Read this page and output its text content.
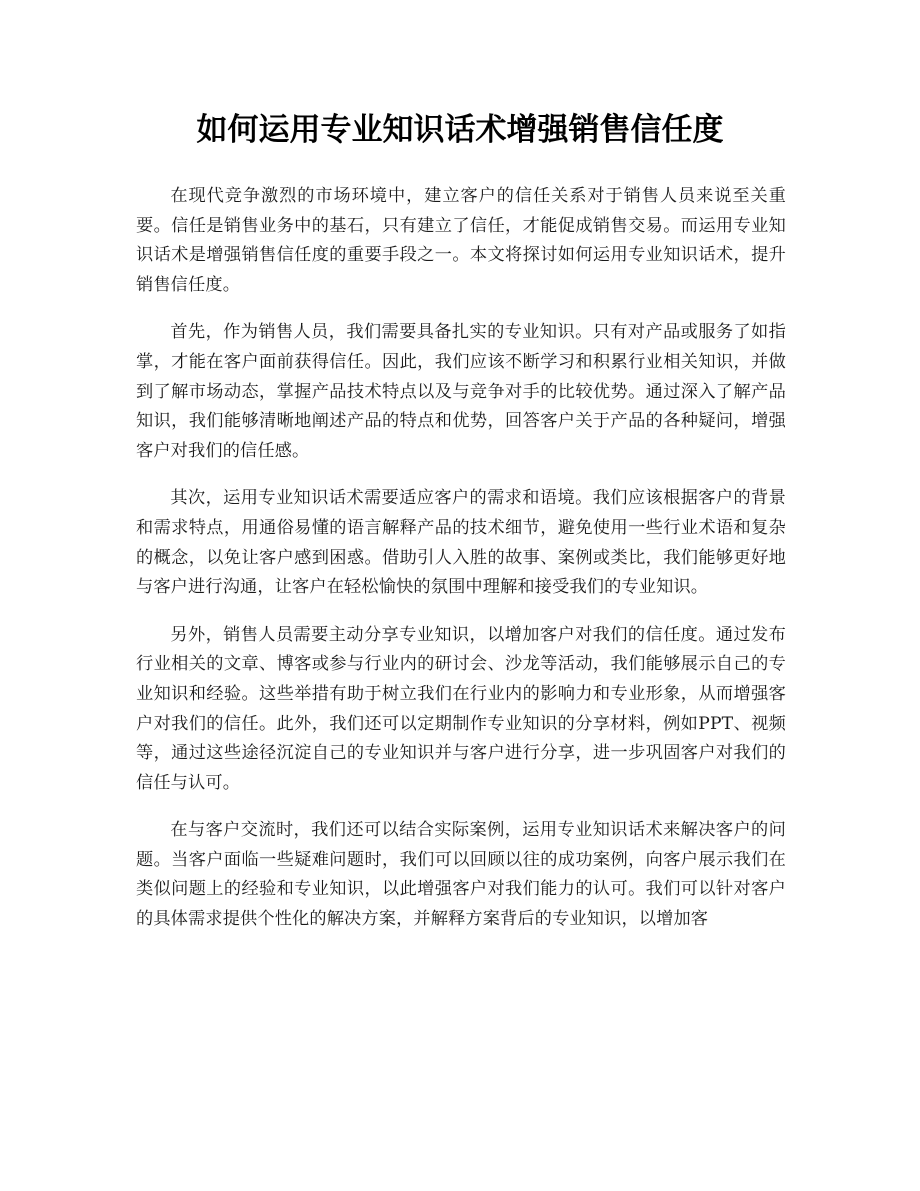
如何运用专业知识话术增强销售信任度

在现代竞争激烈的市场环境中，建立客户的信任关系对于销售人员来说至关重要。信任是销售业务中的基石，只有建立了信任，才能促成销售交易。而运用专业知识话术是增强销售信任度的重要手段之一。本文将探讨如何运用专业知识话术，提升销售信任度。

首先，作为销售人员，我们需要具备扎实的专业知识。只有对产品或服务了如指掌，才能在客户面前获得信任。因此，我们应该不断学习和积累行业相关知识，并做到了解市场动态，掌握产品技术特点以及与竞争对手的比较优势。通过深入了解产品知识，我们能够清晰地阐述产品的特点和优势，回答客户关于产品的各种疑问，增强客户对我们的信任感。

其次，运用专业知识话术需要适应客户的需求和语境。我们应该根据客户的背景和需求特点，用通俗易懂的语言解释产品的技术细节，避免使用一些行业术语和复杂的概念，以免让客户感到困惑。借助引人入胜的故事、案例或类比，我们能够更好地与客户进行沟通，让客户在轻松愉快的氛围中理解和接受我们的专业知识。

另外，销售人员需要主动分享专业知识，以增加客户对我们的信任度。通过发布行业相关的文章、博客或参与行业内的研讨会、沙龙等活动，我们能够展示自己的专业知识和经验。这些举措有助于树立我们在行业内的影响力和专业形象，从而增强客户对我们的信任。此外，我们还可以定期制作专业知识的分享材料，例如PPT、视频等，通过这些途径沉淀自己的专业知识并与客户进行分享，进一步巩固客户对我们的信任与认可。

在与客户交流时，我们还可以结合实际案例，运用专业知识话术来解决客户的问题。当客户面临一些疑难问题时，我们可以回顾以往的成功案例，向客户展示我们在类似问题上的经验和专业知识，以此增强客户对我们能力的认可。我们可以针对客户的具体需求提供个性化的解决方案，并解释方案背后的专业知识，以增加客
